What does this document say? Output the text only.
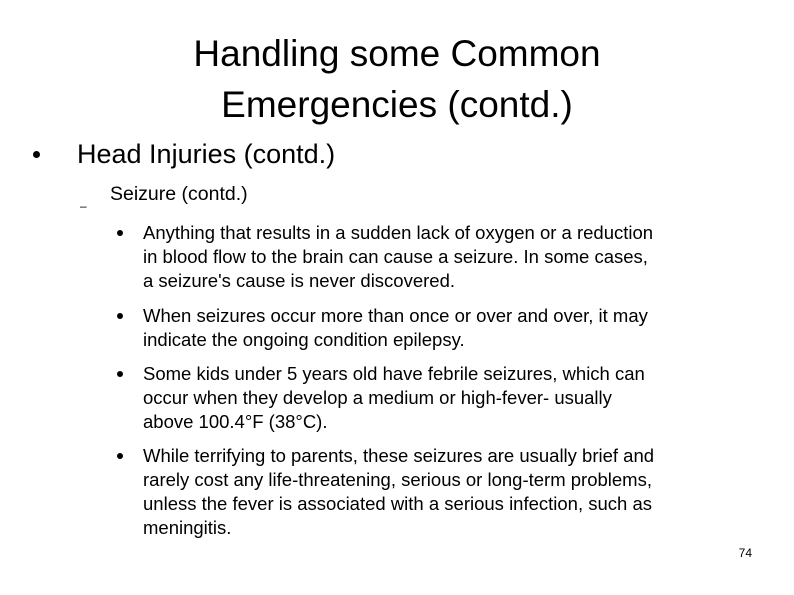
Handling some Common
Emergencies (contd.)
Head Injuries (contd.)
–
Seizure (contd.)
Anything that results in a sudden lack of oxygen or a reduction
in blood flow to the brain can cause a seizure. In some cases,
a seizure's cause is never discovered.
When seizures occur more than once or over and over, it may
indicate the ongoing condition epilepsy.
Some kids under 5 years old have febrile seizures, which can
occur when they develop a medium or high-fever- usually
above 100.4°F (38°C).
While terrifying to parents, these seizures are usually brief and
rarely cost any life-threatening, serious or long-term problems,
unless the fever is associated with a serious infection, such as
meningitis.
74
